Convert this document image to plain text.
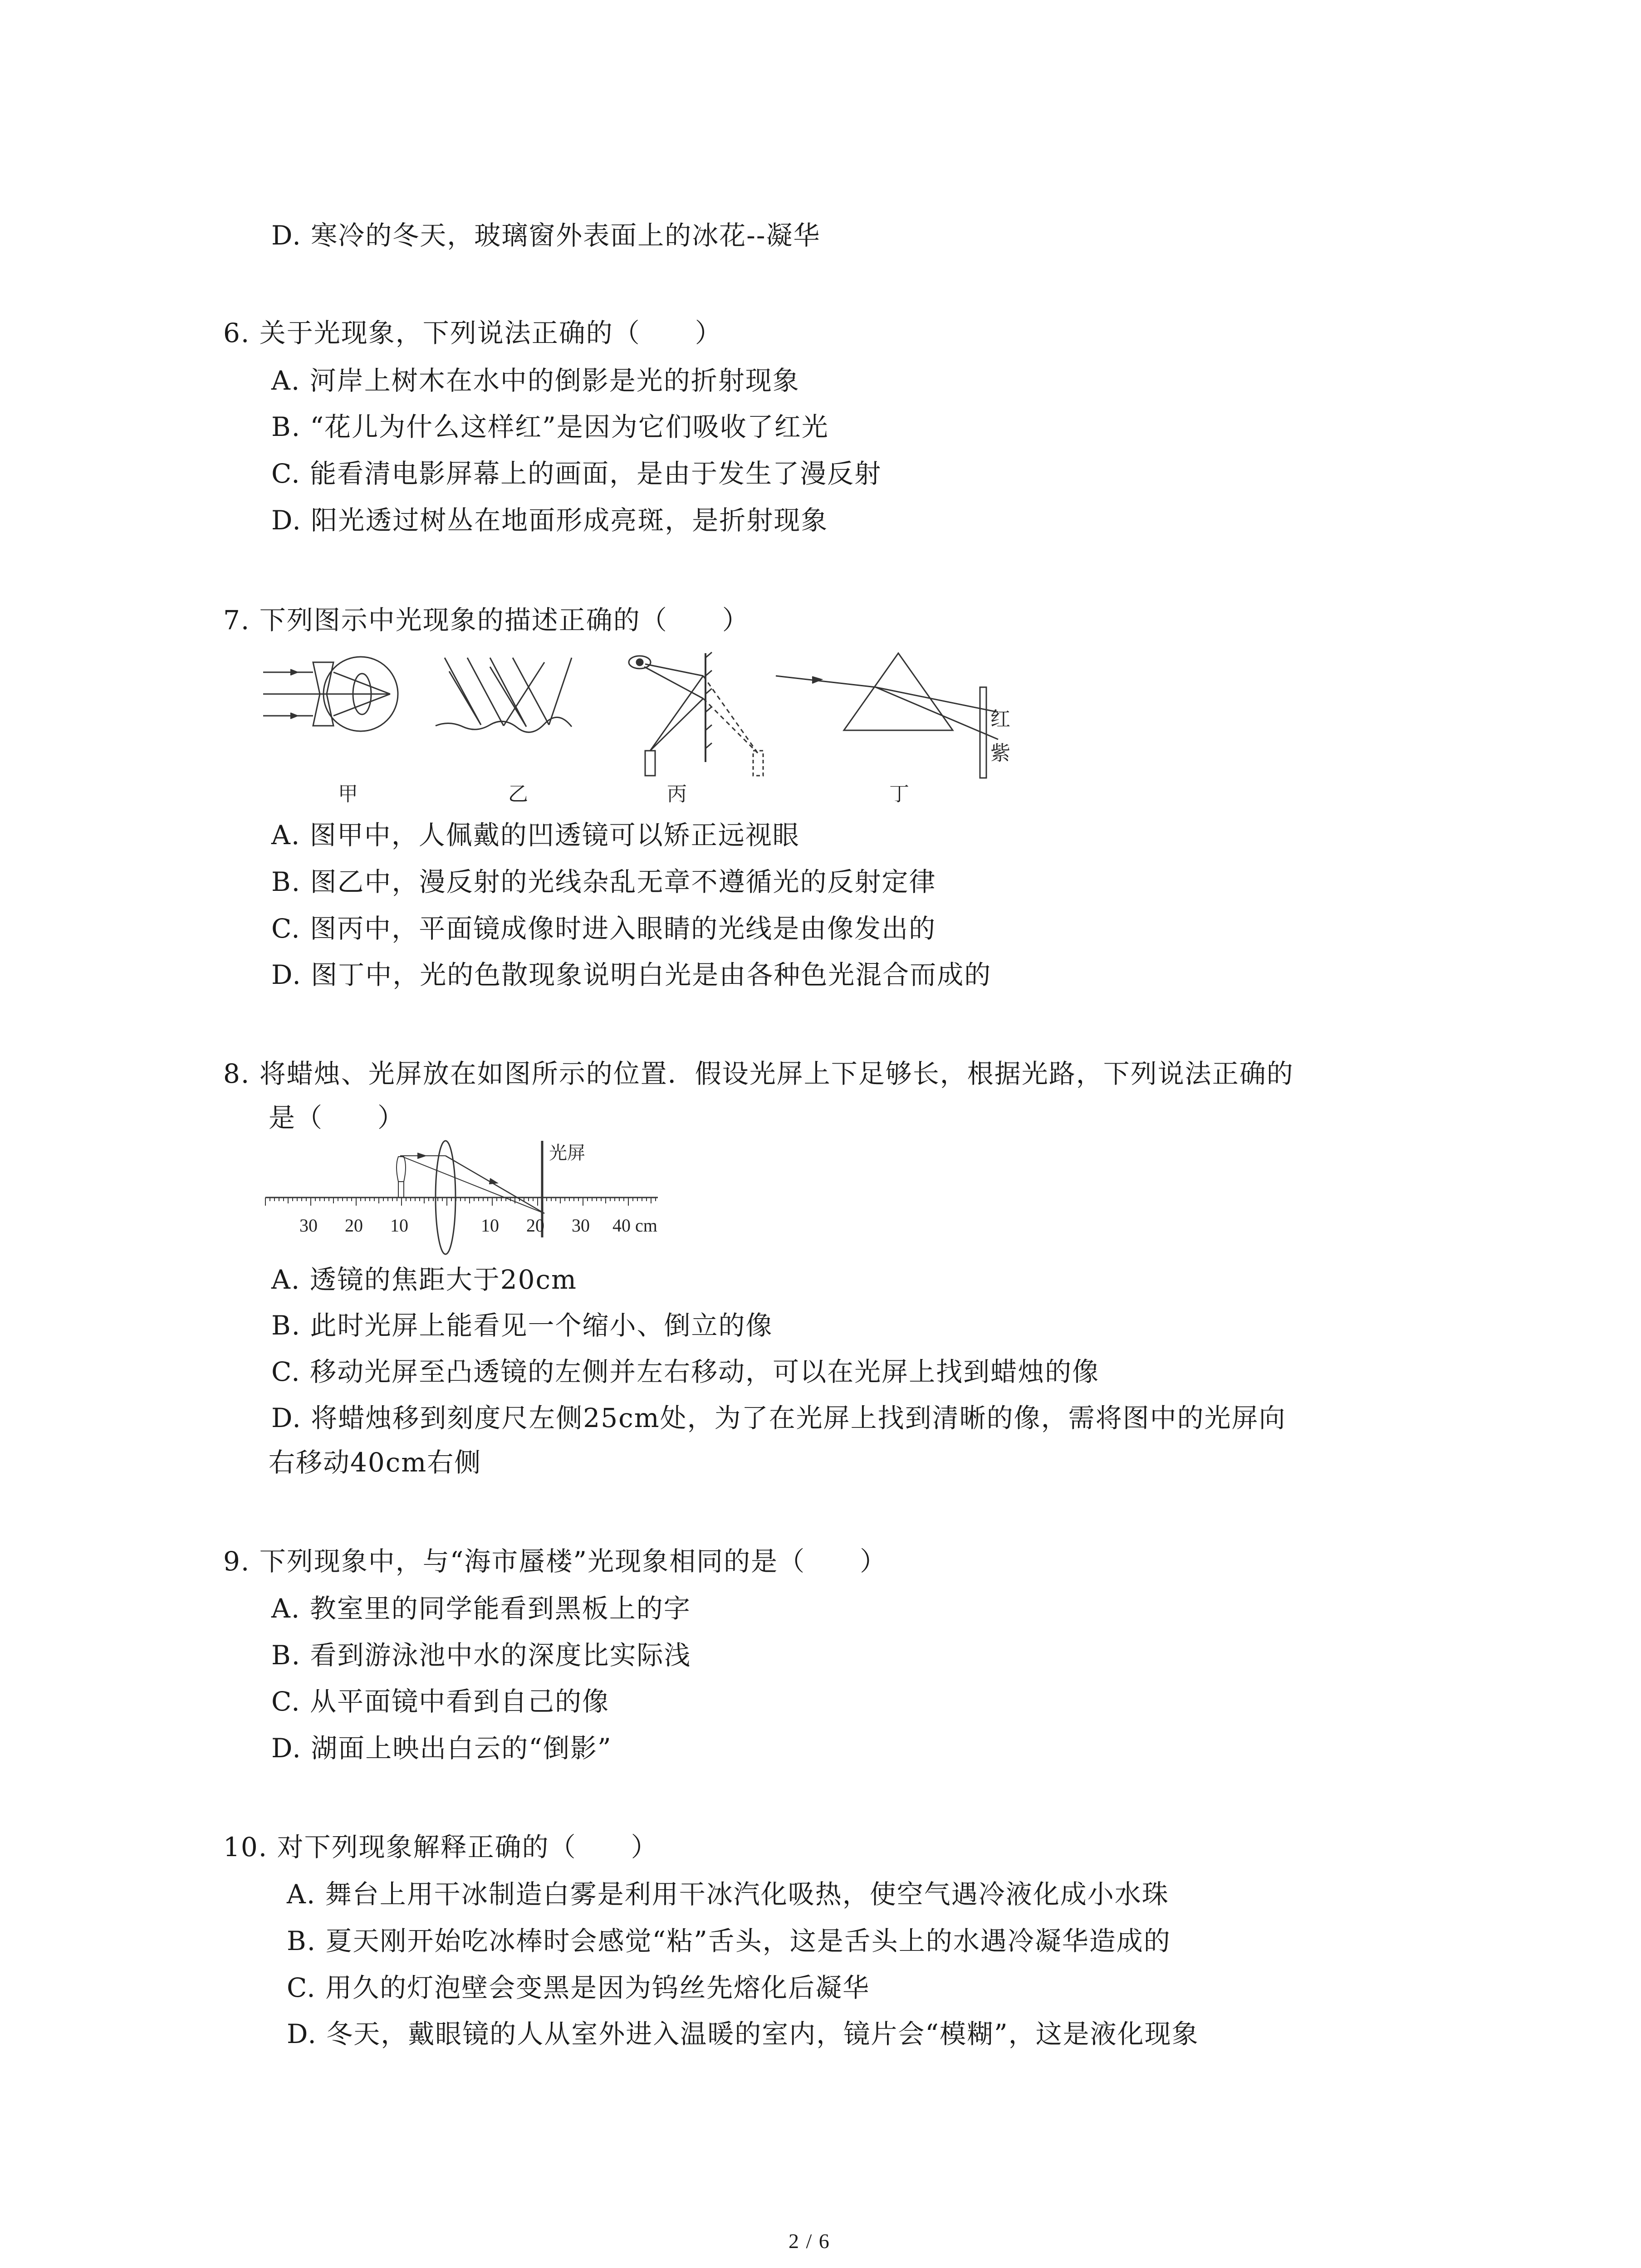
D. 寒冷的冬天，玻璃窗外表面上的冰花--凝华
6. 关于光现象，下列说法正确的（　　）
A. 河岸上树木在水中的倒影是光的折射现象
B. “花儿为什么这样红”是因为它们吸收了红光
C. 能看清电影屏幕上的画面，是由于发生了漫反射
D. 阳光透过树丛在地面形成亮斑，是折射现象
7. 下列图示中光现象的描述正确的（　　）
红
紫
甲	乙	丙	丁
A. 图甲中，人佩戴的凹透镜可以矫正远视眼
B. 图乙中，漫反射的光线杂乱无章不遵循光的反射定律
C. 图丙中，平面镜成像时进入眼睛的光线是由像发出的
D. 图丁中，光的色散现象说明白光是由各种色光混合而成的
8. 将蜡烛、光屏放在如图所示的位置．假设光屏上下足够长，根据光路，下列说法正确的
是（　　）
光屏
30 20 10	10 20 30 40 cm
A. 透镜的焦距大于20cm
B. 此时光屏上能看见一个缩小、倒立的像
C. 移动光屏至凸透镜的左侧并左右移动，可以在光屏上找到蜡烛的像
D. 将蜡烛移到刻度尺左侧25cm处，为了在光屏上找到清晰的像，需将图中的光屏向
右移动40cm右侧
9. 下列现象中，与“海市蜃楼”光现象相同的是（　　）
A. 教室里的同学能看到黑板上的字
B. 看到游泳池中水的深度比实际浅
C. 从平面镜中看到自己的像
D. 湖面上映出白云的“倒影”
10. 对下列现象解释正确的（　　）
A. 舞台上用干冰制造白雾是利用干冰汽化吸热，使空气遇冷液化成小水珠
B. 夏天刚开始吃冰棒时会感觉“粘”舌头，这是舌头上的水遇冷凝华造成的
C. 用久的灯泡壁会变黑是因为钨丝先熔化后凝华
D. 冬天，戴眼镜的人从室外进入温暖的室内，镜片会“模糊”，这是液化现象
2 / 6
